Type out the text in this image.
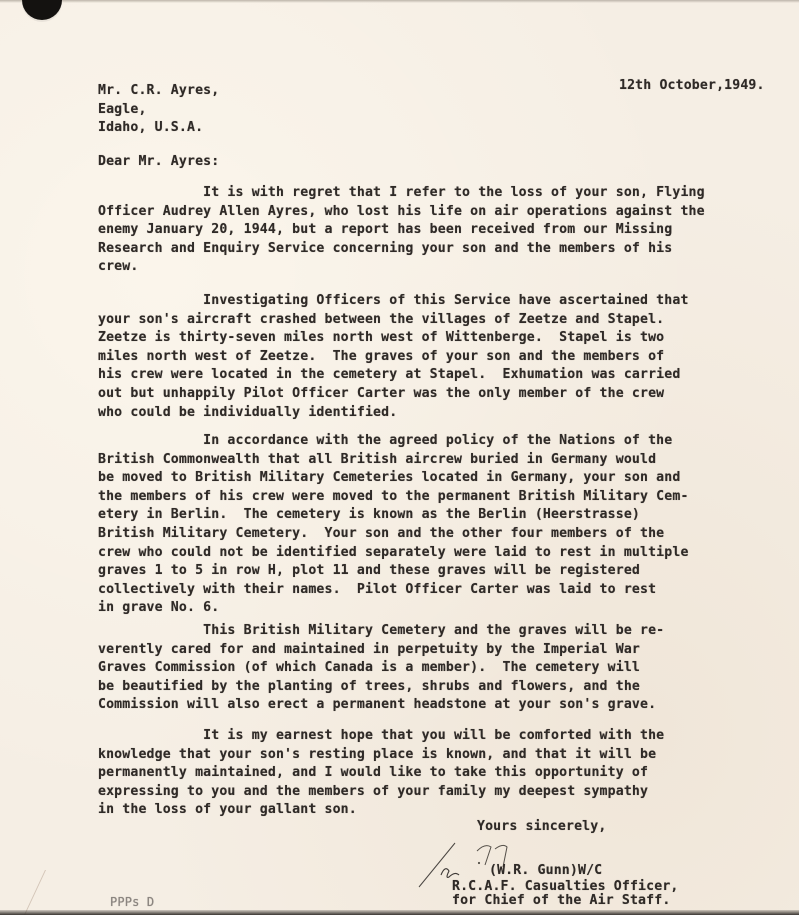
12th October,1949.
Mr. C.R. Ayres,
Eagle,
Idaho, U.S.A.
Dear Mr. Ayres:
It is with regret that I refer to the loss of your son, Flying
Officer Audrey Allen Ayres, who lost his life on air operations against the
enemy January 20, 1944, but a report has been received from our Missing
Research and Enquiry Service concerning your son and the members of his
crew.
Investigating Officers of this Service have ascertained that
your son's aircraft crashed between the villages of Zeetze and Stapel.
Zeetze is thirty-seven miles north west of Wittenberge.  Stapel is two
miles north west of Zeetze.  The graves of your son and the members of
his crew were located in the cemetery at Stapel.  Exhumation was carried
out but unhappily Pilot Officer Carter was the only member of the crew
who could be individually identified.
In accordance with the agreed policy of the Nations of the
British Commonwealth that all British aircrew buried in Germany would
be moved to British Military Cemeteries located in Germany, your son and
the members of his crew were moved to the permanent British Military Cem-
etery in Berlin.  The cemetery is known as the Berlin (Heerstrasse)
British Military Cemetery.  Your son and the other four members of the
crew who could not be identified separately were laid to rest in multiple
graves 1 to 5 in row H, plot 11 and these graves will be registered
collectively with their names.  Pilot Officer Carter was laid to rest
in grave No. 6.
This British Military Cemetery and the graves will be re-
verently cared for and maintained in perpetuity by the Imperial War
Graves Commission (of which Canada is a member).  The cemetery will
be beautified by the planting of trees, shrubs and flowers, and the
Commission will also erect a permanent headstone at your son's grave.
It is my earnest hope that you will be comforted with the
knowledge that your son's resting place is known, and that it will be
permanently maintained, and I would like to take this opportunity of
expressing to you and the members of your family my deepest sympathy
in the loss of your gallant son.
Yours sincerely,
(W.R. Gunn)W/C
R.C.A.F. Casualties Officer,
for Chief of the Air Staff.
PPPs D
